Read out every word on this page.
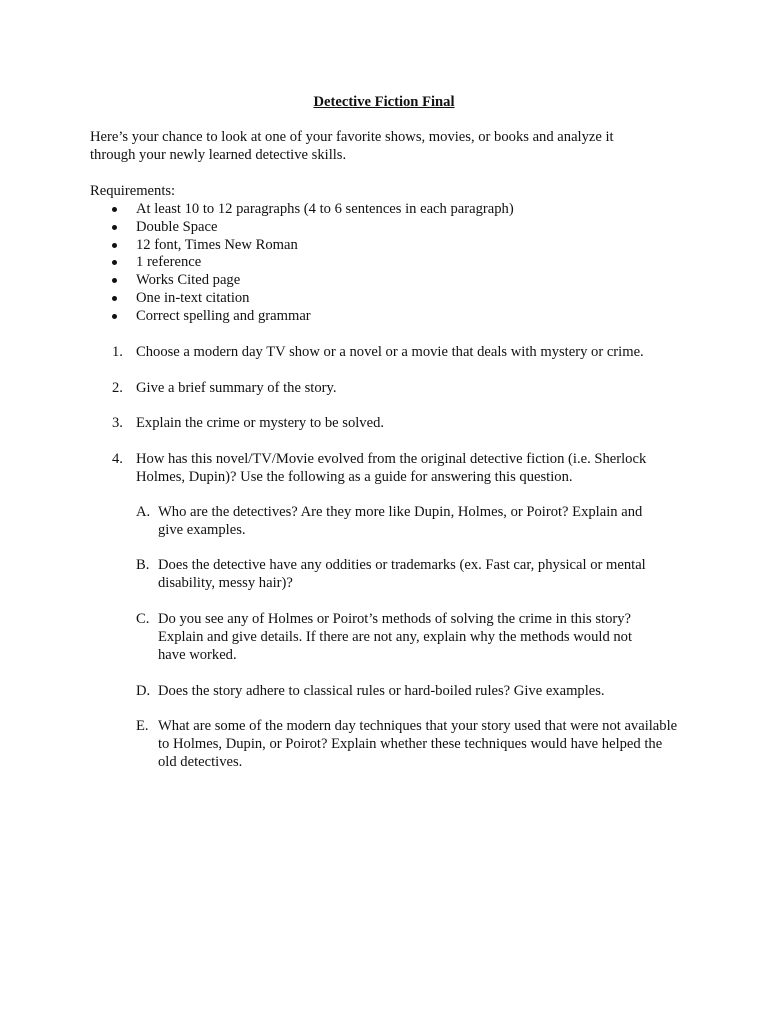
Detective Fiction Final

Here’s your chance to look at one of your favorite shows, movies, or books and analyze it through your newly learned detective skills.

Requirements:

At least 10 to 12 paragraphs (4 to 6 sentences in each paragraph)
Double Space
12 font, Times New Roman
1 reference
Works Cited page
One in-text citation
Correct spelling and grammar
1. Choose a modern day TV show or a novel or a movie that deals with mystery or crime.
2. Give a brief summary of the story.
3. Explain the crime or mystery to be solved.
4. How has this novel/TV/Movie evolved from the original detective fiction (i.e. Sherlock Holmes, Dupin)? Use the following as a guide for answering this question.
A. Who are the detectives? Are they more like Dupin, Holmes, or Poirot? Explain and give examples.
B. Does the detective have any oddities or trademarks (ex. Fast car, physical or mental disability, messy hair)?
C. Do you see any of Holmes or Poirot’s methods of solving the crime in this story? Explain and give details. If there are not any, explain why the methods would not have worked.
D. Does the story adhere to classical rules or hard-boiled rules? Give examples.
E. What are some of the modern day techniques that your story used that were not available to Holmes, Dupin, or Poirot? Explain whether these techniques would have helped the old detectives.
